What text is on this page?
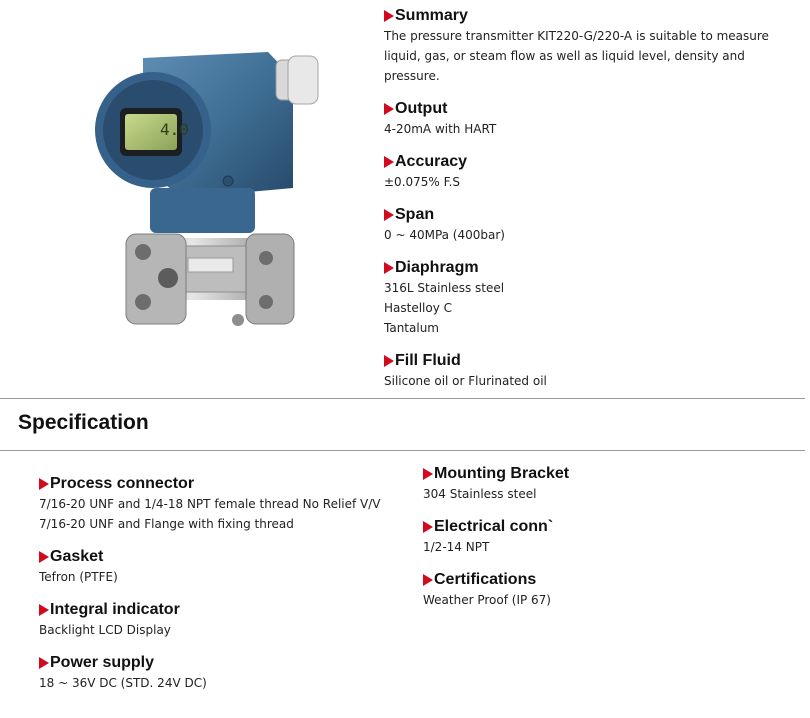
4.0
Summary
The pressure transmitter KIT220-G/220-A is suitable to measure
liquid, gas, or steam flow as well as liquid level, density and
pressure.
Output
4-20mA with HART
Accuracy
±0.075% F.S
Span
0 ~ 40MPa (400bar)
Diaphragm
316L Stainless steel
Hastelloy C
Tantalum
Fill Fluid
Silicone oil or Flurinated oil
Specification
Process connector
7/16-20 UNF and 1/4-18 NPT female thread No Relief V/V
7/16-20 UNF and Flange with fixing thread
Gasket
Tefron (PTFE)
Integral indicator
Backlight LCD Display
Power supply
18 ~ 36V DC (STD. 24V DC)
Mounting Bracket
304 Stainless steel
Electrical conn`
1/2-14 NPT
Certifications
Weather Proof (IP 67)
